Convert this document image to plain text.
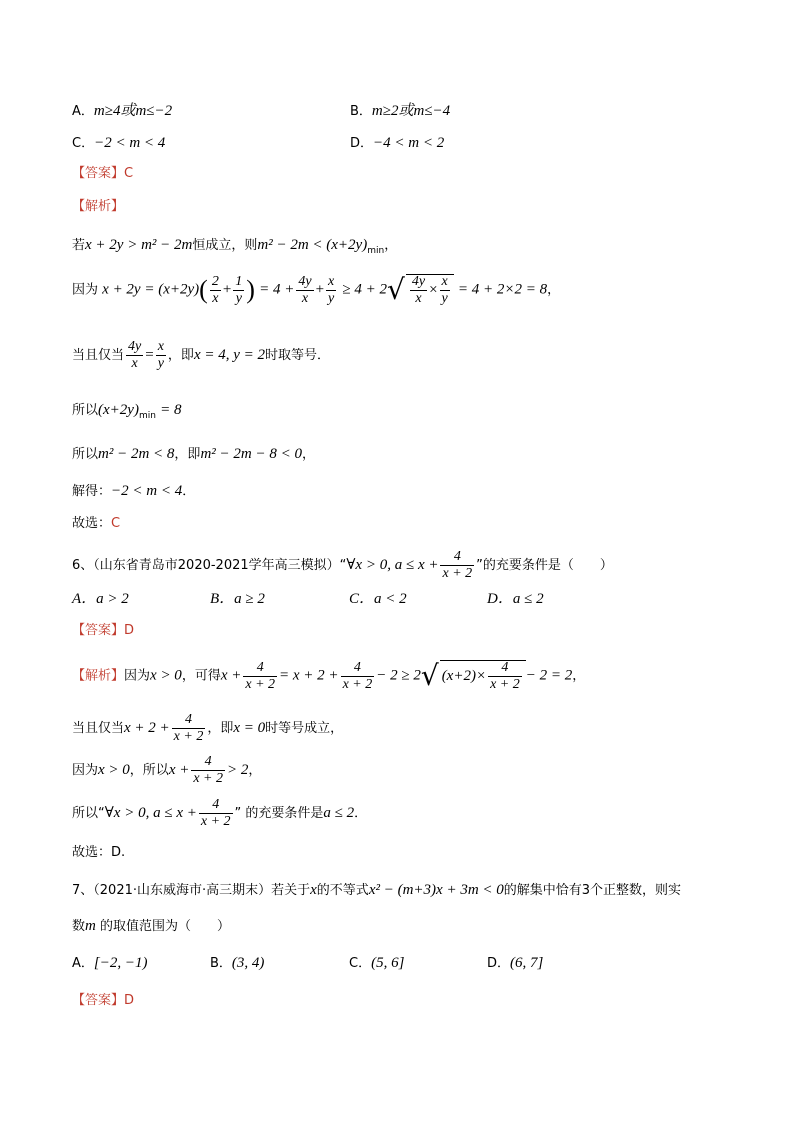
A．m≥4或m≤−2	B．m≥2或m≤−4
C．−2 < m < 4	D．−4 < m < 2
【答案】C
【解析】
若x + 2y > m² − 2m恒成立，则$m^2 - 2m < (x+2y)_{min}$，
因为 $x + 2y = (x+2y)( \frac{2}{x} + \frac{1}{y}$ ) = $4 + \frac{4y}{x} + \frac{x}{y} \ge 4 + 2√ \frac{4y}{x} \times \frac{x}{y} = 4 + 2\times 2 = 8$，
当且仅当 $\frac{4y}{x} = \frac{x}{y}$ ，即x = 4, y = 2时取等号．
所以$(x+2y)_{min} = 8$
所以m² − 2m < 8，即m² − 2m − 8 < 0，
解得：−2 < m < 4．
故选：C
6、（山东省青岛市2020-2021学年高三模拟）“∀x > 0, $a \le x + \frac{4}{x + 2}$ ”的充要条件是（　　）
A．a > 2	B．a ≥ 2	C．a < 2	D．a ≤ 2
【答案】D
【解析】因为x > 0，可得$x + \frac{4}{x + 2} = x + 2 + \frac{4}{x + 2} - 2 \ge 2√$ $(x+2)\times \frac{4}{x + 2} - 2 = 2$，
当且仅当$x + 2 + \frac{4}{x + 2}$ ，即x = 0时等号成立，
因为x > 0，所以$x + \frac{4}{x + 2} > 2$，
所以“∀x > 0, $a \le x + \frac{4}{x + 2}$ ” 的充要条件是a ≤ 2．
故选：D.
7、（2021·山东威海市·高三期末）若关于x的不等式x² − (m+3)x + 3m < 0的解集中恰有3个正整数，则实
数m 的取值范围为（　　）
A．[−2, −1)	B．(3, 4)	C．(5, 6]	D．(6, 7]
【答案】D
